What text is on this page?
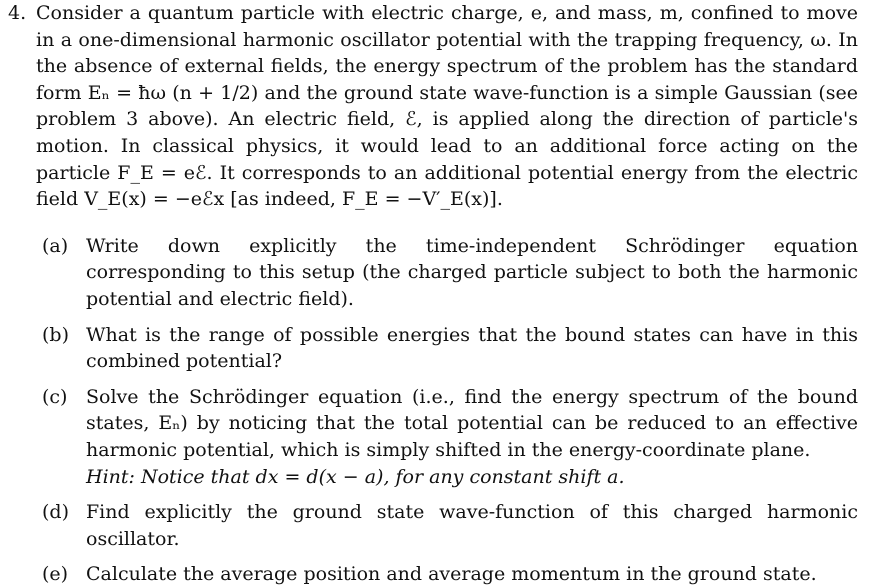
4. Consider a quantum particle with electric charge, e, and mass, m, confined to move in a one-dimensional harmonic oscillator potential with the trapping frequency, ω. In the absence of external fields, the energy spectrum of the problem has the standard form Eₙ = ħω (n + 1/2) and the ground state wave-function is a simple Gaussian (see problem 3 above). An electric field, ℰ, is applied along the direction of particle's motion. In classical physics, it would lead to an additional force acting on the particle F_E = eℰ. It corresponds to an additional potential energy from the electric field V_E(x) = −eℰx [as indeed, F_E = −V′_E(x)].
(a) Write down explicitly the time-independent Schrödinger equation corresponding to this setup (the charged particle subject to both the harmonic potential and electric field).
(b) What is the range of possible energies that the bound states can have in this combined potential?
(c) Solve the Schrödinger equation (i.e., find the energy spectrum of the bound states, Eₙ) by noticing that the total potential can be reduced to an effective harmonic potential, which is simply shifted in the energy-coordinate plane.
Hint: Notice that dx = d(x − a), for any constant shift a.
(d) Find explicitly the ground state wave-function of this charged harmonic oscillator.
(e) Calculate the average position and average momentum in the ground state.
